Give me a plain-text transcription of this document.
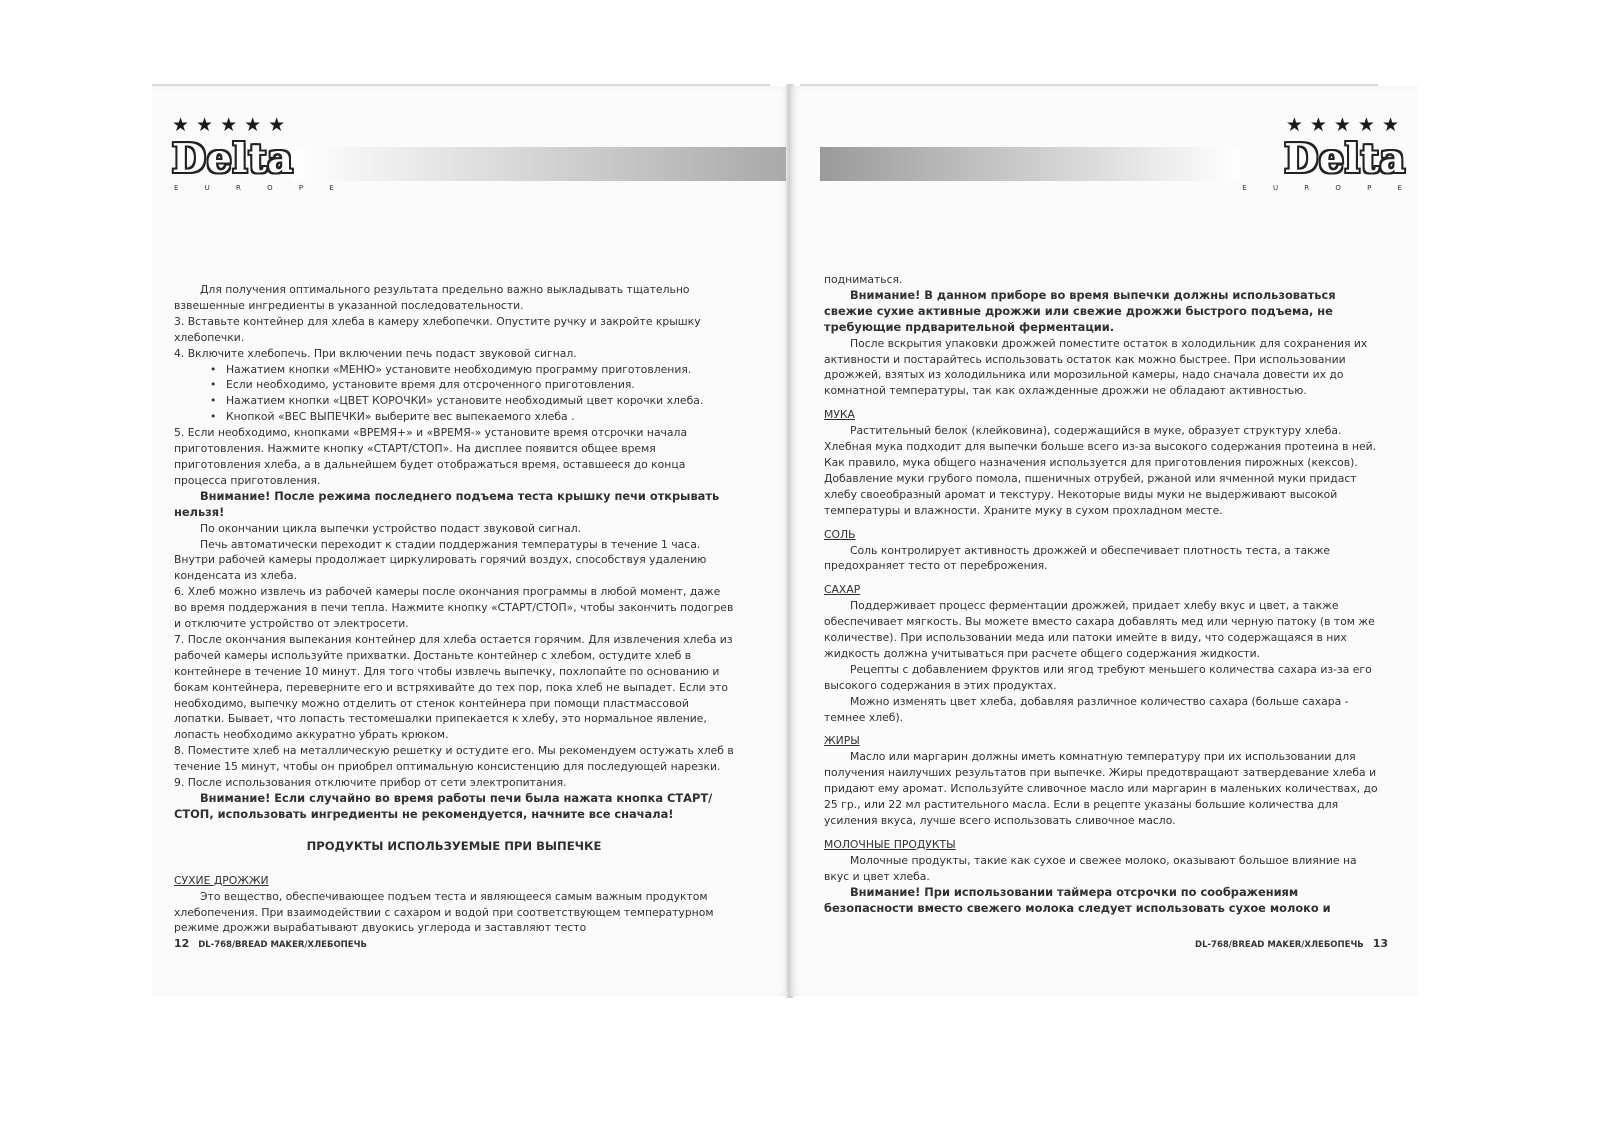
★★★★★
Delta
E U R O P E

Для получения оптимального результата предельно важно выкладывать тщательно взвешенные ингредиенты в указанной последовательности.

3. Вставьте контейнер для хлеба в камеру хлебопечки. Опустите ручку и закройте крышку хлебопечки.

4. Включите хлебопечь. При включении печь подаст звуковой сигнал.

• Нажатием кнопки «МЕНЮ» установите необходимую программу приготовления.

• Если необходимо, установите время для отсроченного приготовления.

• Нажатием кнопки «ЦВЕТ КОРОЧКИ» установите необходимый цвет корочки хлеба.

• Кнопкой «ВЕС ВЫПЕЧКИ» выберите вес выпекаемого хлеба .

5. Если необходимо, кнопками «ВРЕМЯ+» и «ВРЕМЯ-» установите время отсрочки начала приготовления. Нажмите кнопку «СТАРТ/СТОП». На дисплее появится общее время приготовления хлеба, а в дальнейшем будет отображаться время, оставшееся до конца процесса приготовления.

Внимание! После режима последнего подъема теста крышку печи открывать нельзя!

По окончании цикла выпечки устройство подаст звуковой сигнал.

Печь автоматически переходит к стадии поддержания температуры в течение 1 часа. Внутри рабочей камеры продолжает циркулировать горячий воздух, способствуя удалению конденсата из хлеба.

6. Хлеб можно извлечь из рабочей камеры после окончания программы в любой момент, даже во время поддержания в печи тепла. Нажмите кнопку «СТАРТ/СТОП», чтобы закончить подогрев и отключите устройство от электросети.

7. После окончания выпекания контейнер для хлеба остается горячим. Для извлечения хлеба из рабочей камеры используйте прихватки. Достаньте контейнер с хлебом, остудите хлеб в контейнере в течение 10 минут. Для того чтобы извлечь выпечку, похлопайте по основанию и бокам контейнера, переверните его и встряхивайте до тех пор, пока хлеб не выпадет. Если это необходимо, выпечку можно отделить от стенок контейнера при помощи пластмассовой лопатки. Бывает, что лопасть тестомешалки припекается к хлебу, это нормальное явление, лопасть необходимо аккуратно убрать крюком.

8. Поместите хлеб на металлическую решетку и остудите его. Мы рекомендуем остужать хлеб в течение 15 минут, чтобы он приобрел оптимальную консистенцию для последующей нарезки.

9. После использования отключите прибор от сети электропитания.

Внимание! Если случайно во время работы печи была нажата кнопка СТАРТ/СТОП, использовать ингредиенты не рекомендуется, начните все сначала!

ПРОДУКТЫ ИСПОЛЬЗУЕМЫЕ ПРИ ВЫПЕЧКЕ

СУХИЕ ДРОЖЖИ

Это вещество, обеспечивающее подъем теста и являющееся самым важным продуктом хлебопечения. При взаимодействии с сахаром и водой при соответствующем температурном режиме дрожжи вырабатывают двуокись углерода и заставляют тесто

12 DL-768/BREAD MAKER/ХЛЕБОПЕЧЬ
★★★★★
Delta
E U R O P E

подниматься.

Внимание! В данном приборе во время выпечки должны использоваться свежие сухие активные дрожжи или свежие дрожжи быстрого подъема, не требующие прдварительной ферментации.

После вскрытия упаковки дрожжей поместите остаток в холодильник для сохранения их активности и постарайтесь использовать остаток как можно быстрее. При использовании дрожжей, взятых из холодильника или морозильной камеры, надо сначала довести их до комнатной температуры, так как охлажденные дрожжи не обладают активностью.

МУКА

Растительный белок (клейковина), содержащийся в муке, образует структуру хлеба. Хлебная мука подходит для выпечки больше всего из-за высокого содержания протеина в ней. Как правило, мука общего назначения используется для приготовления пирожных (кексов). Добавление муки грубого помола, пшеничных отрубей, ржаной или ячменной муки придаст хлебу своеобразный аромат и текстуру. Некоторые виды муки не выдерживают высокой температуры и влажности. Храните муку в сухом прохладном месте.

СОЛЬ

Соль контролирует активность дрожжей и обеспечивает плотность теста, а также предохраняет тесто от перебрoжения.

САХАР

Поддерживает процесс ферментации дрожжей, придает хлебу вкус и цвет, а также обеспечивает мягкость. Вы можете вместо сахара добавлять мед или черную патоку (в том же количестве). При использовании меда или патоки имейте в виду, что содержащаяся в них жидкость должна учитываться при расчете общего содержания жидкости.

Рецепты с добавлением фруктов или ягод требуют меньшего количества сахара из-за его высокого содержания в этих продуктах.

Можно изменять цвет хлеба, добавляя различное количество сахара (больше сахара - темнее хлеб).

ЖИРЫ

Масло или маргарин должны иметь комнатную температуру при их использовании для получения наилучших результатов при выпечке. Жиры предотвращают затвердевание хлеба и придают ему аромат. Используйте сливочное масло или маргарин в маленьких количествах, до 25 гр., или 22 мл растительного масла. Если в рецепте указаны большие количества для усиления вкуса, лучше всего использовать сливочное масло.

МОЛОЧНЫЕ ПРОДУКТЫ

Молочные продукты, такие как сухое и свежее молоко, оказывают большое влияние на вкус и цвет хлеба.

Внимание! При использовании таймера отсрочки по соображениям безопасности вместо свежего молока следует использовать сухое молоко и

DL-768/BREAD MAKER/ХЛЕБОПЕЧЬ 13
